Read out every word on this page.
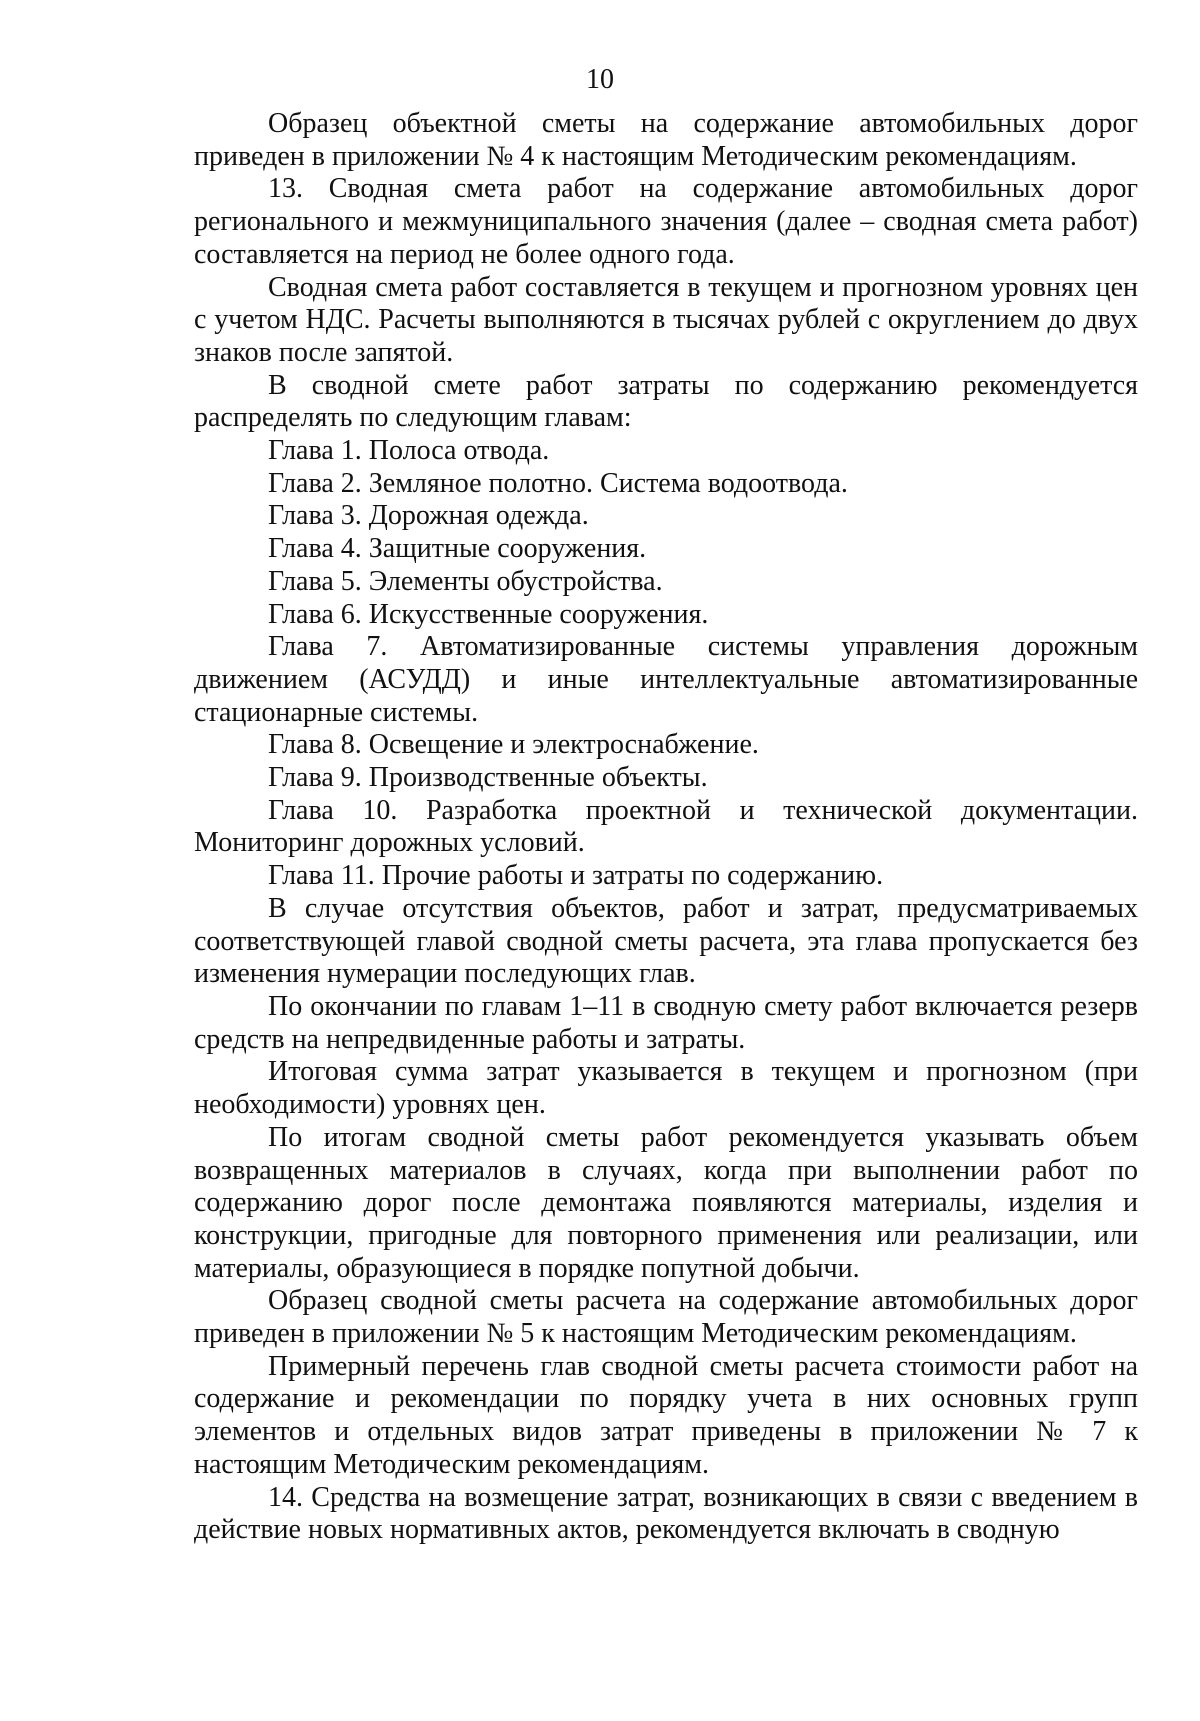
10

Образец объектной сметы на содержание автомобильных дорог приведен в приложении № 4 к настоящим Методическим рекомендациям.

13. Сводная смета работ на содержание автомобильных дорог регионального и межмуниципального значения (далее – сводная смета работ) составляется на период не более одного года.

Сводная смета работ составляется в текущем и прогнозном уровнях цен с учетом НДС. Расчеты выполняются в тысячах рублей с округлением до двух знаков после запятой.

В сводной смете работ затраты по содержанию рекомендуется распределять по следующим главам:

Глава 1. Полоса отвода.

Глава 2. Земляное полотно. Система водоотвода.

Глава 3. Дорожная одежда.

Глава 4. Защитные сооружения.

Глава 5. Элементы обустройства.

Глава 6. Искусственные сооружения.

Глава 7. Автоматизированные системы управления дорожным движением (АСУДД) и иные интеллектуальные автоматизированные стационарные системы.

Глава 8. Освещение и электроснабжение.

Глава 9. Производственные объекты.

Глава 10. Разработка проектной и технической документации. Мониторинг дорожных условий.

Глава 11. Прочие работы и затраты по содержанию.

В случае отсутствия объектов, работ и затрат, предусматриваемых соответствующей главой сводной сметы расчета, эта глава пропускается без изменения нумерации последующих глав.

По окончании по главам 1–11 в сводную смету работ включается резерв средств на непредвиденные работы и затраты.

Итоговая сумма затрат указывается в текущем и прогнозном (при необходимости) уровнях цен.

По итогам сводной сметы работ рекомендуется указывать объем возвращенных материалов в случаях, когда при выполнении работ по содержанию дорог после демонтажа появляются материалы, изделия и конструкции, пригодные для повторного применения или реализации, или материалы, образующиеся в порядке попутной добычи.

Образец сводной сметы расчета на содержание автомобильных дорог приведен в приложении № 5 к настоящим Методическим рекомендациям.

Примерный перечень глав сводной сметы расчета стоимости работ на содержание и рекомендации по порядку учета в них основных групп элементов и отдельных видов затрат приведены в приложении № 7 к настоящим Методическим рекомендациям.

14. Средства на возмещение затрат, возникающих в связи с введением в действие новых нормативных актов, рекомендуется включать в сводную
